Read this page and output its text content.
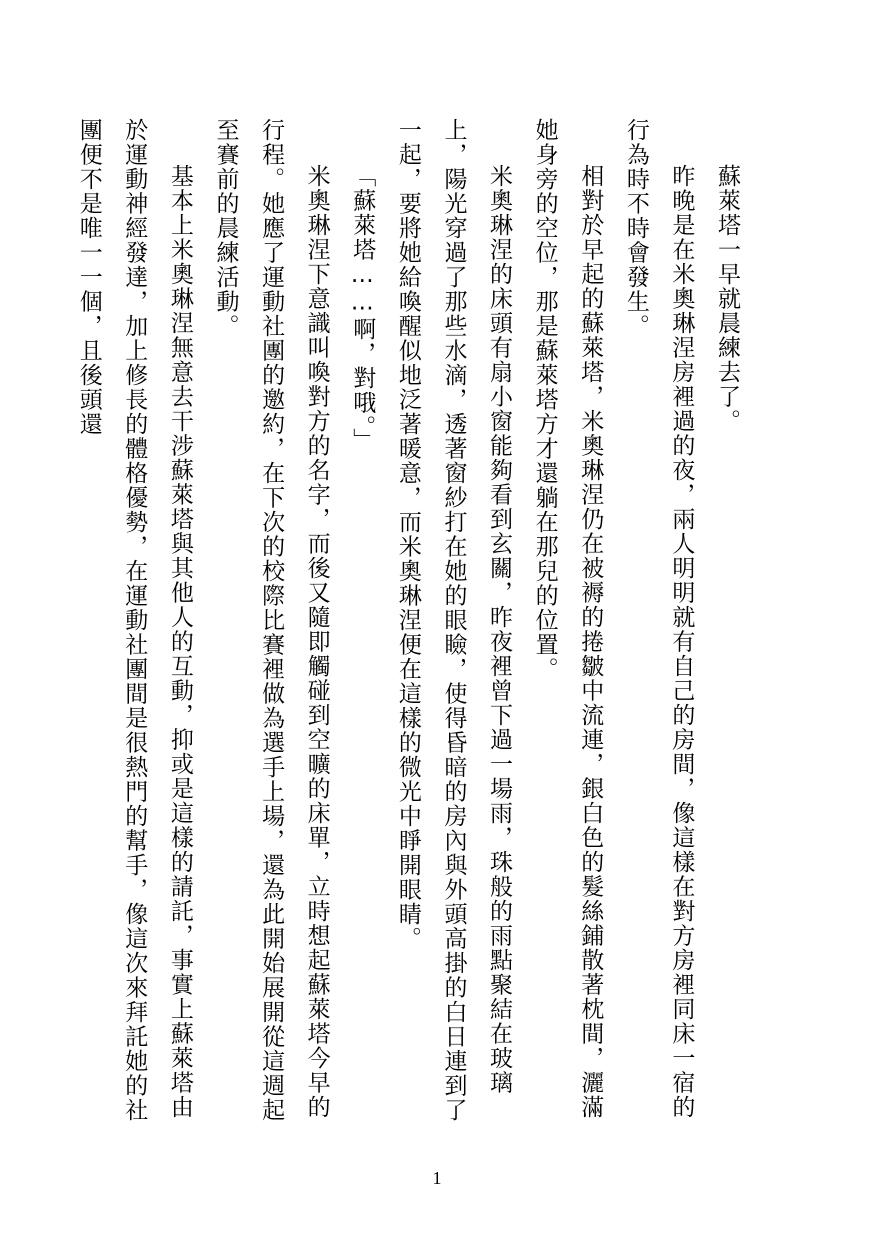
蘇萊塔一早就晨練去了。

昨晚是在米奧琳涅房裡過的夜，兩人明明就有自己的房間，像這樣在對方房裡同床一宿的行為時不時會發生。

相對於早起的蘇萊塔，米奧琳涅仍在被褥的捲皺中流連，銀白色的髮絲鋪散著枕間，灑滿她身旁的空位，那是蘇萊塔方才還躺在那兒的位置。

米奧琳涅的床頭有扇小窗能夠看到玄關，昨夜裡曾下過一場雨，珠般的雨點聚結在玻璃上，陽光穿過了那些水滴，透著窗紗打在她的眼瞼，使得昏暗的房內與外頭高掛的白日連到了一起，要將她給喚醒似地泛著暖意，而米奧琳涅便在這樣的微光中睜開眼睛。

「蘇萊塔……啊，對哦。」

米奧琳涅下意識叫喚對方的名字，而後又隨即觸碰到空曠的床單，立時想起蘇萊塔今早的行程。她應了運動社團的邀約，在下次的校際比賽裡做為選手上場，還為此開始展開從這週起至賽前的晨練活動。

基本上米奧琳涅無意去干涉蘇萊塔與其他人的互動，抑或是這樣的請託，事實上蘇萊塔由於運動神經發達，加上修長的體格優勢，在運動社團間是很熱門的幫手，像這次來拜託她的社團便不是唯一一個，且後頭還

1
